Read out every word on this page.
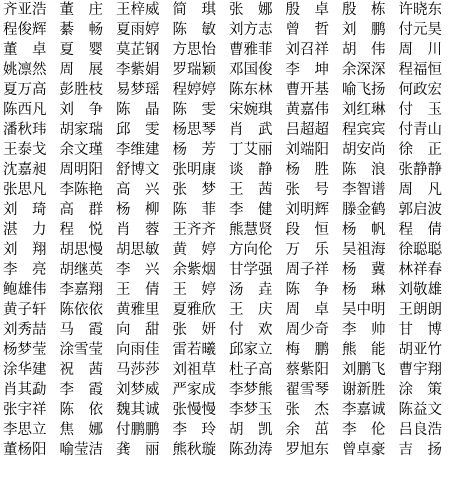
齐亚浩 董　庄 王梓威 简　琪 张　娜 殷　卓 殷　栋 许晓东
程俊辉 綦　畅 夏雨婷 陈　敏 刘方志 曾　哲 刘　鹏 付元昊
董　卓 夏　婴 莫芷钢 方思怡 曹雅菲 刘召祥 胡　伟 周　川
姚凛然 周　展 李紫娟 罗瑞颖 邓国俊 李　坤 余深深 程福恒
夏万高 彭胜枝 易梦瑶 程婷婷 陈东林 曹开基 喻飞扬 何政宏
陈西凡 刘　争 陈　晶 陈　雯 宋婉琪 黄嘉伟 刘红琳 付　玉
潘秋玮 胡家瑞 邱　雯 杨思琴 肖　武 吕超超 程宾宾 付青山
王泰戈 余文瑾 李维建 杨　芳 丁艾丽 刘端阳 胡安尚 徐　正
沈嘉昶 周明阳 舒博文 张明康 谈　静 杨　胜 陈　浪 张静静
张思凡 李陈艳 高　兴 张　梦 王　茜 张　号 李智谱 周　凡
刘　琦 高　群 杨　柳 陈　菲 李　健 刘明辉 滕金鹤 郭启波
湛　力 程　悦 肖　蓉 王齐齐 熊慧贤 段　恒 杨　帆 程　倩
刘　翔 胡思慢 胡思敏 黄　婷 方向伦 万　乐 吴祖海 徐聪聪
李　亮 胡继英 李　兴 余紫烟 甘学强 周子祥 杨　冀 林祥春
鲍雄伟 李嘉翔 王　倩 王　婷 汤　垚 陈　争 杨　琳 刘敬雄
黄子轩 陈依依 黄雅里 夏雅欣 王　庆 周　卓 吴中明 王朗朗
刘秀喆 马　霞 向　甜 张　妍 付　欢 周少奇 李　帅 甘　博
杨梦莹 涂雪莹 向雨佳 雷若曦 邱家立 梅　鹏 熊　能 胡亚竹
涂华建 祝　茜 马莎莎 刘祖草 杜子高 蔡紫阳 刘鹏飞 曹宇翔
肖其勐 李　霞 刘梦威 严家成 李梦熊 翟雪琴 谢新胜 涂　策
张宇祥 陈　依 魏其诚 张慢慢 李梦玉 张　杰 李嘉诚 陈益文
李思立 焦　娜 付鹏鹏 李　玲 胡　凯 余　茁 李　伦 吕良浩
董杨阳 喻莹洁 龚　丽 熊秋璇 陈劲涛 罗旭东 曾卓豪 吉　扬
